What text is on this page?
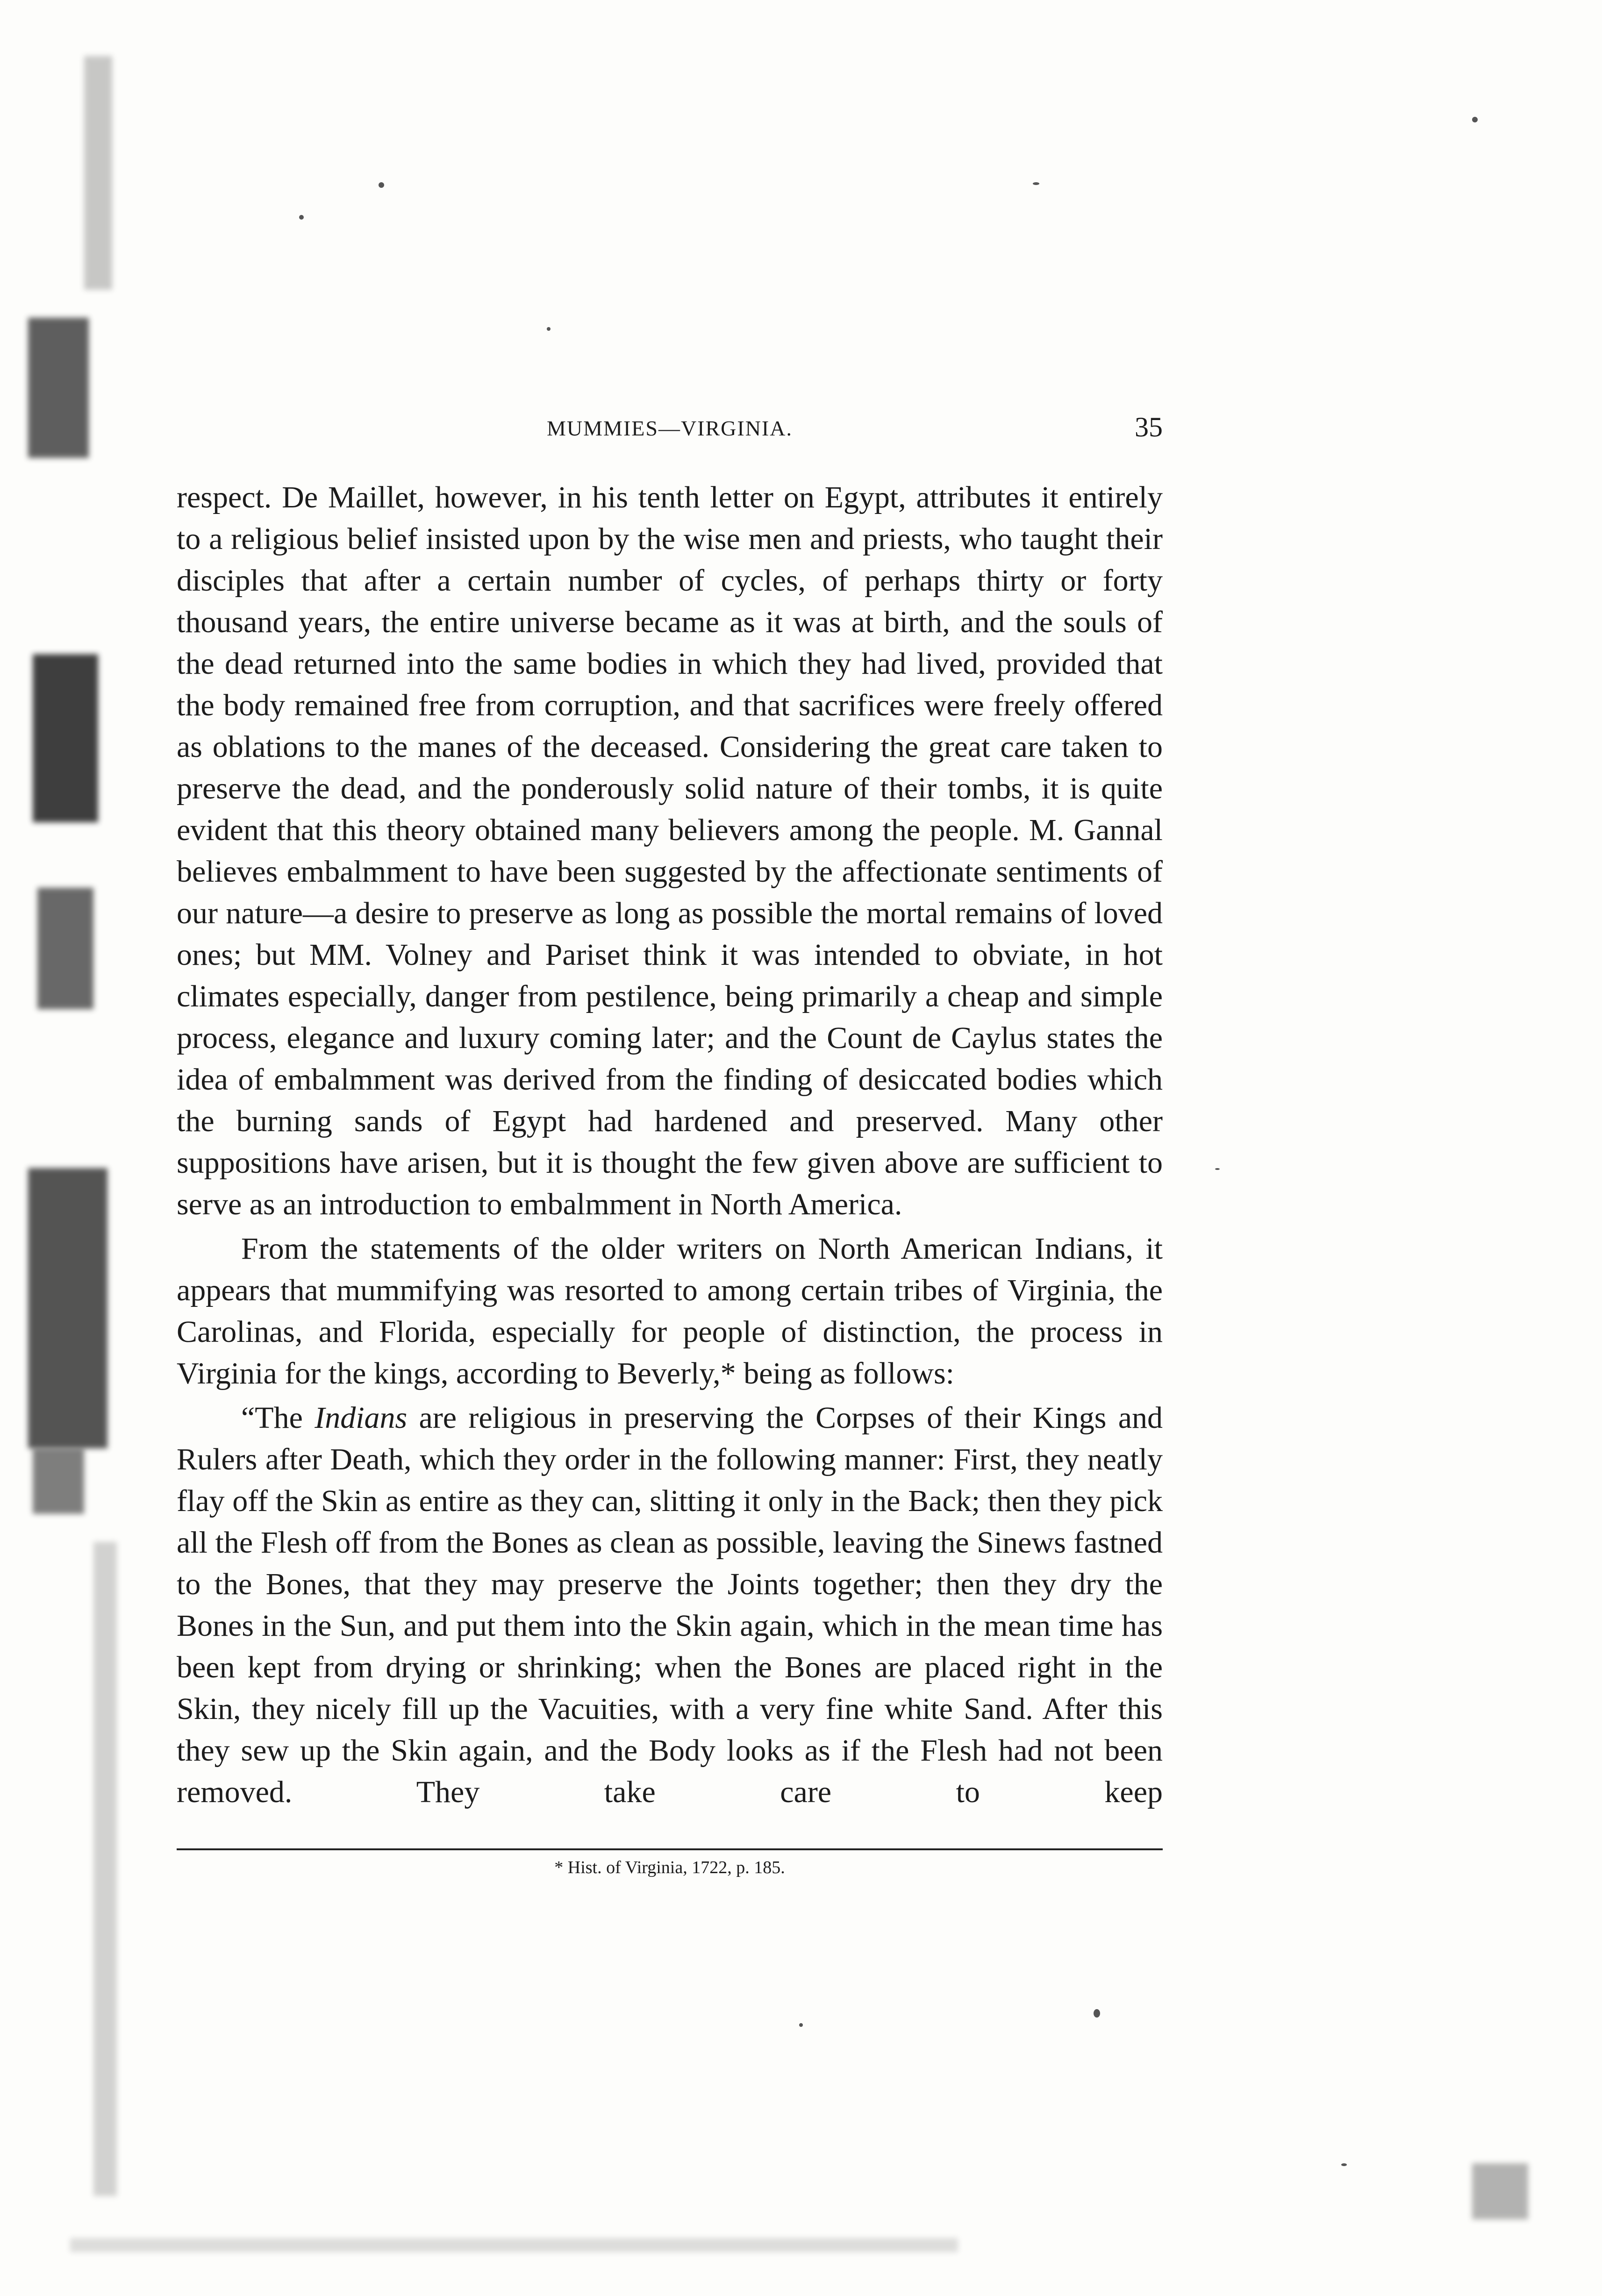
MUMMIES—VIRGINIA.	35

respect. De Maillet, however, in his tenth letter on Egypt, attributes it entirely to a religious belief insisted upon by the wise men and priests, who taught their disciples that after a certain number of cycles, of perhaps thirty or forty thousand years, the entire universe became as it was at birth, and the souls of the dead returned into the same bodies in which they had lived, provided that the body remained free from corruption, and that sacrifices were freely offered as oblations to the manes of the deceased. Considering the great care taken to preserve the dead, and the ponderously solid nature of their tombs, it is quite evident that this theory obtained many believers among the people. M. Gannal believes embalmment to have been suggested by the affectionate sentiments of our nature—a desire to preserve as long as possible the mortal remains of loved ones; but MM. Volney and Pariset think it was intended to obviate, in hot climates especially, danger from pestilence, being primarily a cheap and simple process, elegance and luxury coming later; and the Count de Caylus states the idea of embalmment was derived from the finding of desiccated bodies which the burning sands of Egypt had hardened and preserved. Many other suppositions have arisen, but it is thought the few given above are sufficient to serve as an introduction to embalmment in North America.

From the statements of the older writers on North American Indians, it appears that mummifying was resorted to among certain tribes of Virginia, the Carolinas, and Florida, especially for people of distinction, the process in Virginia for the kings, according to Beverly,* being as follows:

“The Indians are religious in preserving the Corpses of their Kings and Rulers after Death, which they order in the following manner: First, they neatly flay off the Skin as entire as they can, slitting it only in the Back; then they pick all the Flesh off from the Bones as clean as possible, leaving the Sinews fastned to the Bones, that they may preserve the Joints together; then they dry the Bones in the Sun, and put them into the Skin again, which in the mean time has been kept from drying or shrinking; when the Bones are placed right in the Skin, they nicely fill up the Vacuities, with a very fine white Sand. After this they sew up the Skin again, and the Body looks as if the Flesh had not been removed. They take care to keep

* Hist. of Virginia, 1722, p. 185.
